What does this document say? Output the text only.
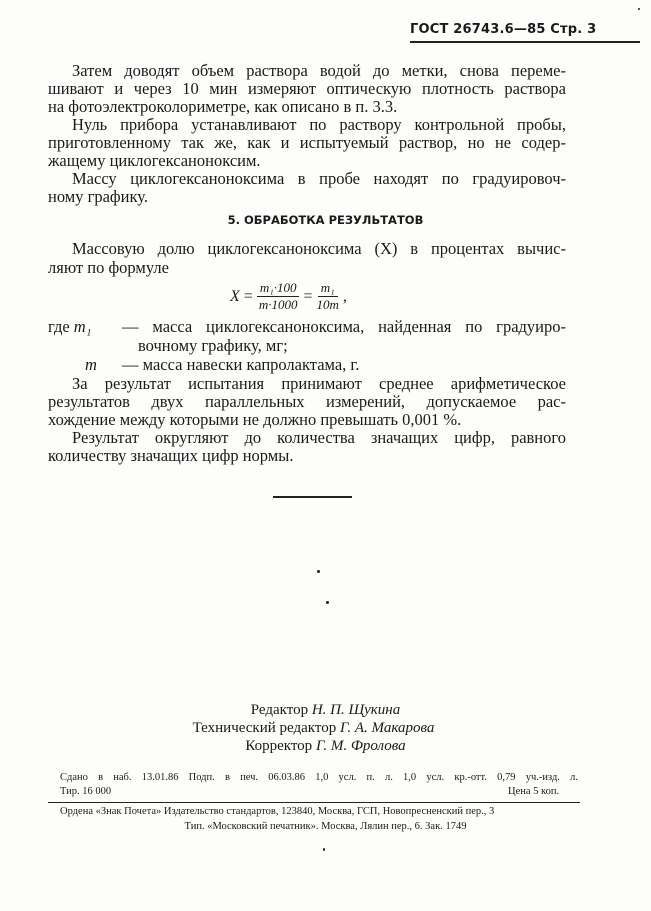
ГОСТ 26743.6—85 Стр. 3
Затем доводят объем раствора водой до метки, снова переме-
шивают и через 10 мин измеряют оптическую плотность раствора
на фотоэлектроколориметре, как описано в п. 3.3.
Нуль прибора устанавливают по раствору контрольной пробы,
приготовленному так же, как и испытуемый раствор, но не содер-
жащему циклогексаноноксим.
Массу циклогексаноноксима в пробе находят по градуировоч-
ному графику.
5. ОБРАБОТКА РЕЗУЛЬТАТОВ
Массовую долю циклогексаноноксима (X) в процентах вычис-
ляют по формуле
$X = \frac{\text{m₁·100}}{m\cdot 1000} = \frac{\text{m₁}}{10m}$ ,
где m₁ — масса циклогексаноноксима, найденная по градуиро-
вочному графику, мг;
m — масса навески капролактама, г.
За результат испытания принимают среднее арифметическое
результатов двух параллельных измерений, допускаемое рас-
хождение между которыми не должно превышать 0,001 %.
Результат округляют до количества значащих цифр, равного
количеству значащих цифр нормы.
Редактор Н. П. Щукина
Технический редактор Г. А. Макарова
Корректор Г. М. Фролова
Сдано в наб. 13.01.86 Подп. в печ. 06.03.86 1,0 усл. п. л. 1,0 усл. кр.-отт. 0,79 уч.-изд. л.
Тир. 16 000	Цена 5 коп.
Ордена «Знак Почета» Издательство стандартов, 123840, Москва, ГСП, Новопресненский пер., 3
Тип. «Московский печатник». Москва, Лялин пер., 6. Зак. 1749
